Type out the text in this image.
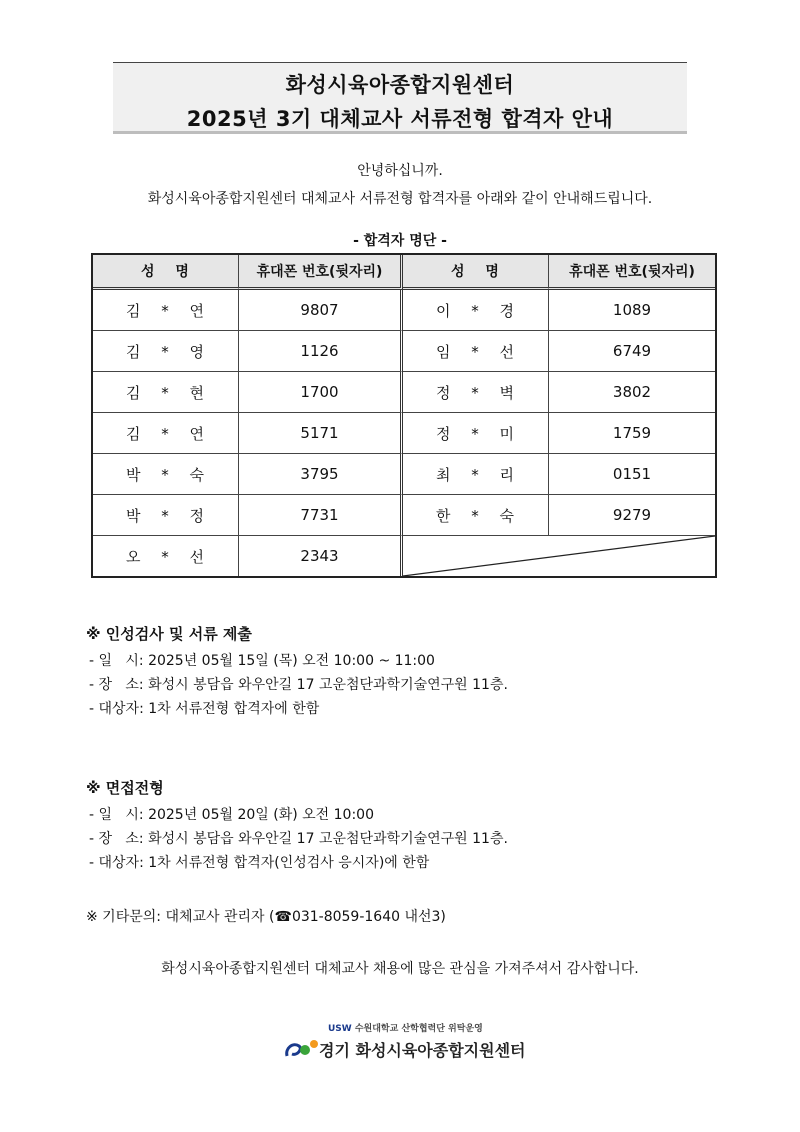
화성시육아종합지원센터
2025년 3기 대체교사 서류전형 합격자 안내
안녕하십니까.
화성시육아종합지원센터 대체교사 서류전형 합격자를 아래와 같이 안내해드립니다.
- 합격자 명단 -
성 명	휴대폰 번호(뒷자리)	성 명	휴대폰 번호(뒷자리)
김 * 연	9807	이 * 경	1089
김 * 영	1126	임 * 선	6749
김 * 현	1700	정 * 벽	3802
김 * 연	5171	정 * 미	1759
박 * 숙	3795	최 * 리	0151
박 * 정	7731	한 * 숙	9279
오 * 선	2343	
※ 인성검사 및 서류 제출
- 일   시: 2025년 05월 15일 (목) 오전 10:00 ~ 11:00
- 장   소: 화성시 봉담읍 와우안길 17 고운첨단과학기술연구원 11층.
- 대상자: 1차 서류전형 합격자에 한함
※ 면접전형
- 일   시: 2025년 05월 20일 (화) 오전 10:00
- 장   소: 화성시 봉담읍 와우안길 17 고운첨단과학기술연구원 11층.
- 대상자: 1차 서류전형 합격자(인성검사 응시자)에 한함
※ 기타문의: 대체교사 관리자 (☎031-8059-1640 내선3)
화성시육아종합지원센터 대체교사 채용에 많은 관심을 가져주셔서 감사합니다.
USW 수원대학교 산학협력단 위탁운영
경기 화성시육아종합지원센터
